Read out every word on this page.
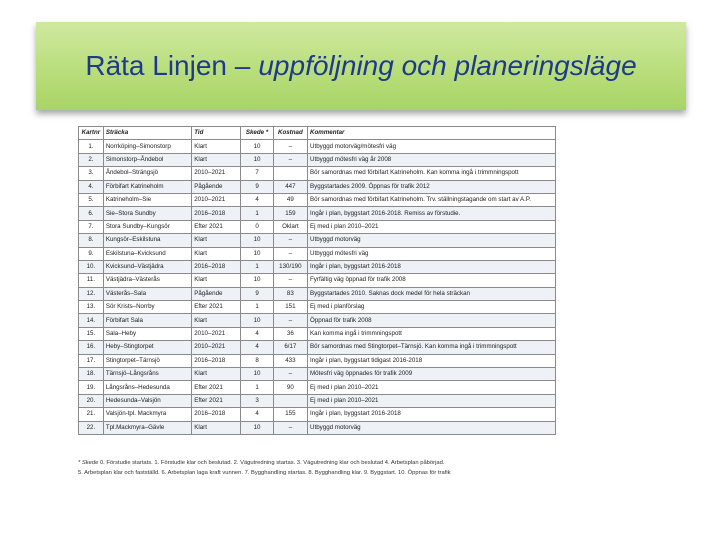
Räta Linjen – uppföljning och planeringsläge
Kartnr	Sträcka	Tid	Skede *	Kostnad	Kommentar
1.	Norrköping–Simonstorp	Klart	10	–	Utbyggd motorväg/mötesfri väg
2.	Simonstorp–Åndebol	Klart	10	–	Utbyggd mötesfri väg år 2008
3.	Åndebol–Strängsjö	2010–2021	7		Bör samordnas med förbifart Katrineholm. Kan komma ingå i trimmningspott
4.	Förbifart Katrineholm	Pågående	9	447	Byggstartades 2009. Öppnas för trafik 2012
5.	Katrineholm–Sie	2010–2021	4	49	Bör samordnas med förbifart Katrineholm. Trv. ställningstagande om start av A.P.
6.	Sie–Stora Sundby	2016–2018	1	159	Ingår i plan, byggstart 2016-2018. Remiss av förstudie.
7.	Stora Sundby–Kungsör	Efter 2021	0	Oklart	Ej med i plan 2010–2021
8.	Kungsör–Eskilstuna	Klart	10	–	Utbyggd motorväg
9.	Eskilstuna–Kvicksund	Klart	10	–	Utbyggd mötesfri väg
10.	Kvicksund–Västjädra	2016–2018	1	130/190	Ingår i plan, byggstart 2016-2018
11.	Västjädra–Västerås	Klart	10	–	Fyrfältig väg öppnad för trafik 2008
12.	Västerås–Sala	Pågående	9	83	Byggstartades 2010. Saknas dock medel för hela sträckan
13.	Sör Krists–Norrby	Efter 2021	1	151	Ej med i planförslag
14.	Förbifart Sala	Klart	10	–	Öppnad för trafik 2008
15.	Sala–Heby	2010–2021	4	36	Kan komma ingå i trimmningspott
16.	Heby–Stingtorpet	2010–2021	4	6/17	Bör samordnas med Stingtorpet–Tärnsjö. Kan komma ingå i trimmningspott
17.	Stingtorpet–Tärnsjö	2016–2018	8	433	Ingår i plan, byggstart tidigast 2016-2018
18.	Tärnsjö–Långsråns	Klart	10	–	Mötesfri väg öppnades för trafik 2009
19.	Långsråns–Hedesunda	Efter 2021	1	90	Ej med i plan 2010–2021
20.	Hedesunda–Valsjön	Efter 2021	3		Ej med i plan 2010–2021
21.	Valsjön-tpl. Mackmyra	2016–2018	4	155	Ingår i plan, byggstart 2016-2018
22.	Tpl.Mackmyra–Gävle	Klart	10	–	Utbyggd motorväg
* Skede 0. Förstudie startats. 1. Förstudie klar och beslutad. 2. Vägutredning startas. 3. Vägutredning klar och beslutad 4. Arbetsplan påbörjad.
5. Arbetsplan klar och fastställd. 6. Arbetsplan laga kraft vunnen. 7. Bygghandling startas. 8. Bygghandling klar. 9. Byggstart. 10. Öppnas för trafik
